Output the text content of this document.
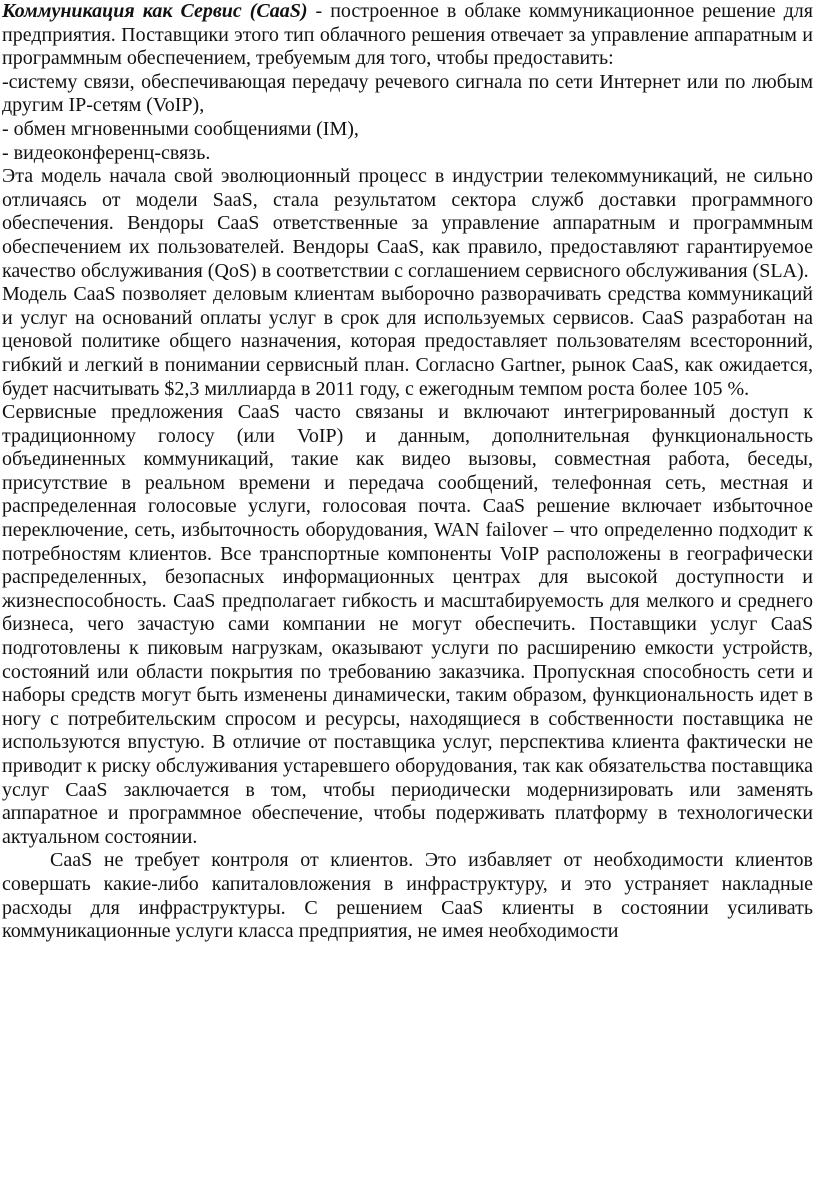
Коммуникация как Сервис (CaaS) - построенное в облаке коммуникационное решение для предприятия. Поставщики этого тип облачного решения отвечает за управление аппаратным и программным обеспечением, требуемым для того, чтобы предоставить:

-систему связи, обеспечивающая передачу речевого сигнала по сети Интернет или по любым другим IP-сетям (VoIP),

- обмен мгновенными сообщениями (IM),

- видеоконференц-связь.

Эта модель начала свой эволюционный процесс в индустрии телекоммуникаций, не сильно отличаясь от модели SaaS, стала результатом сектора служб доставки программного обеспечения. Вендоры CaaS ответственные за управление аппаратным и программным обеспечением их пользователей. Вендоры CaaS, как правило, предоставляют гарантируемое качество обслуживания (QoS) в соответствии с соглашением сервисного обслуживания (SLA).

Модель CaaS позволяет деловым клиентам выборочно разворачивать средства коммуникаций и услуг на оснований оплаты услуг в срок для используемых сервисов. CaaS разработан на ценовой политике общего назначения, которая предоставляет пользователям всесторонний, гибкий и легкий в понимании сервисный план. Согласно Gartner, рынок CaaS, как ожидается, будет насчитывать $2,3 миллиарда в 2011 году, с ежегодным темпом роста более 105 %.

Сервисные предложения CaaS часто связаны и включают интегрированный доступ к традиционному голосу (или VoIP) и данным, дополнительная функциональность объединенных коммуникаций, такие как видео вызовы, совместная работа, беседы, присутствие в реальном времени и передача сообщений, телефонная сеть, местная и распределенная голосовые услуги, голосовая почта. CaaS решение включает избыточное переключение, сеть, избыточность оборудования, WAN failover – что определенно подходит к потребностям клиентов. Все транспортные компоненты VoIP расположены в географически распределенных, безопасных информационных центрах для высокой доступности и жизнеспособность. CaaS предполагает гибкость и масштабируемость для мелкого и среднего бизнеса, чего зачастую сами компании не могут обеспечить. Поставщики услуг CaaS подготовлены к пиковым нагрузкам, оказывают услуги по расширению емкости устройств, состояний или области покрытия по требованию заказчика. Пропускная способность сети и наборы средств могут быть изменены динамически, таким образом, функциональность идет в ногу с потребительским спросом и ресурсы, находящиеся в собственности поставщика не используются впустую. В отличие от поставщика услуг, перспектива клиента фактически не приводит к риску обслуживания устаревшего оборудования, так как обязательства поставщика услуг CaaS заключается в том, чтобы периодически модернизировать или заменять аппаратное и программное обеспечение, чтобы подерживать платформу в технологически актуальном состоянии.

CaaS не требует контроля от клиентов. Это избавляет от необходимости клиентов совершать какие-либо капиталовложения в инфраструктуру, и это устраняет накладные расходы для инфраструктуры. С решением CaaS клиенты в состоянии усиливать коммуникационные услуги класса предприятия, не имея необходимости
